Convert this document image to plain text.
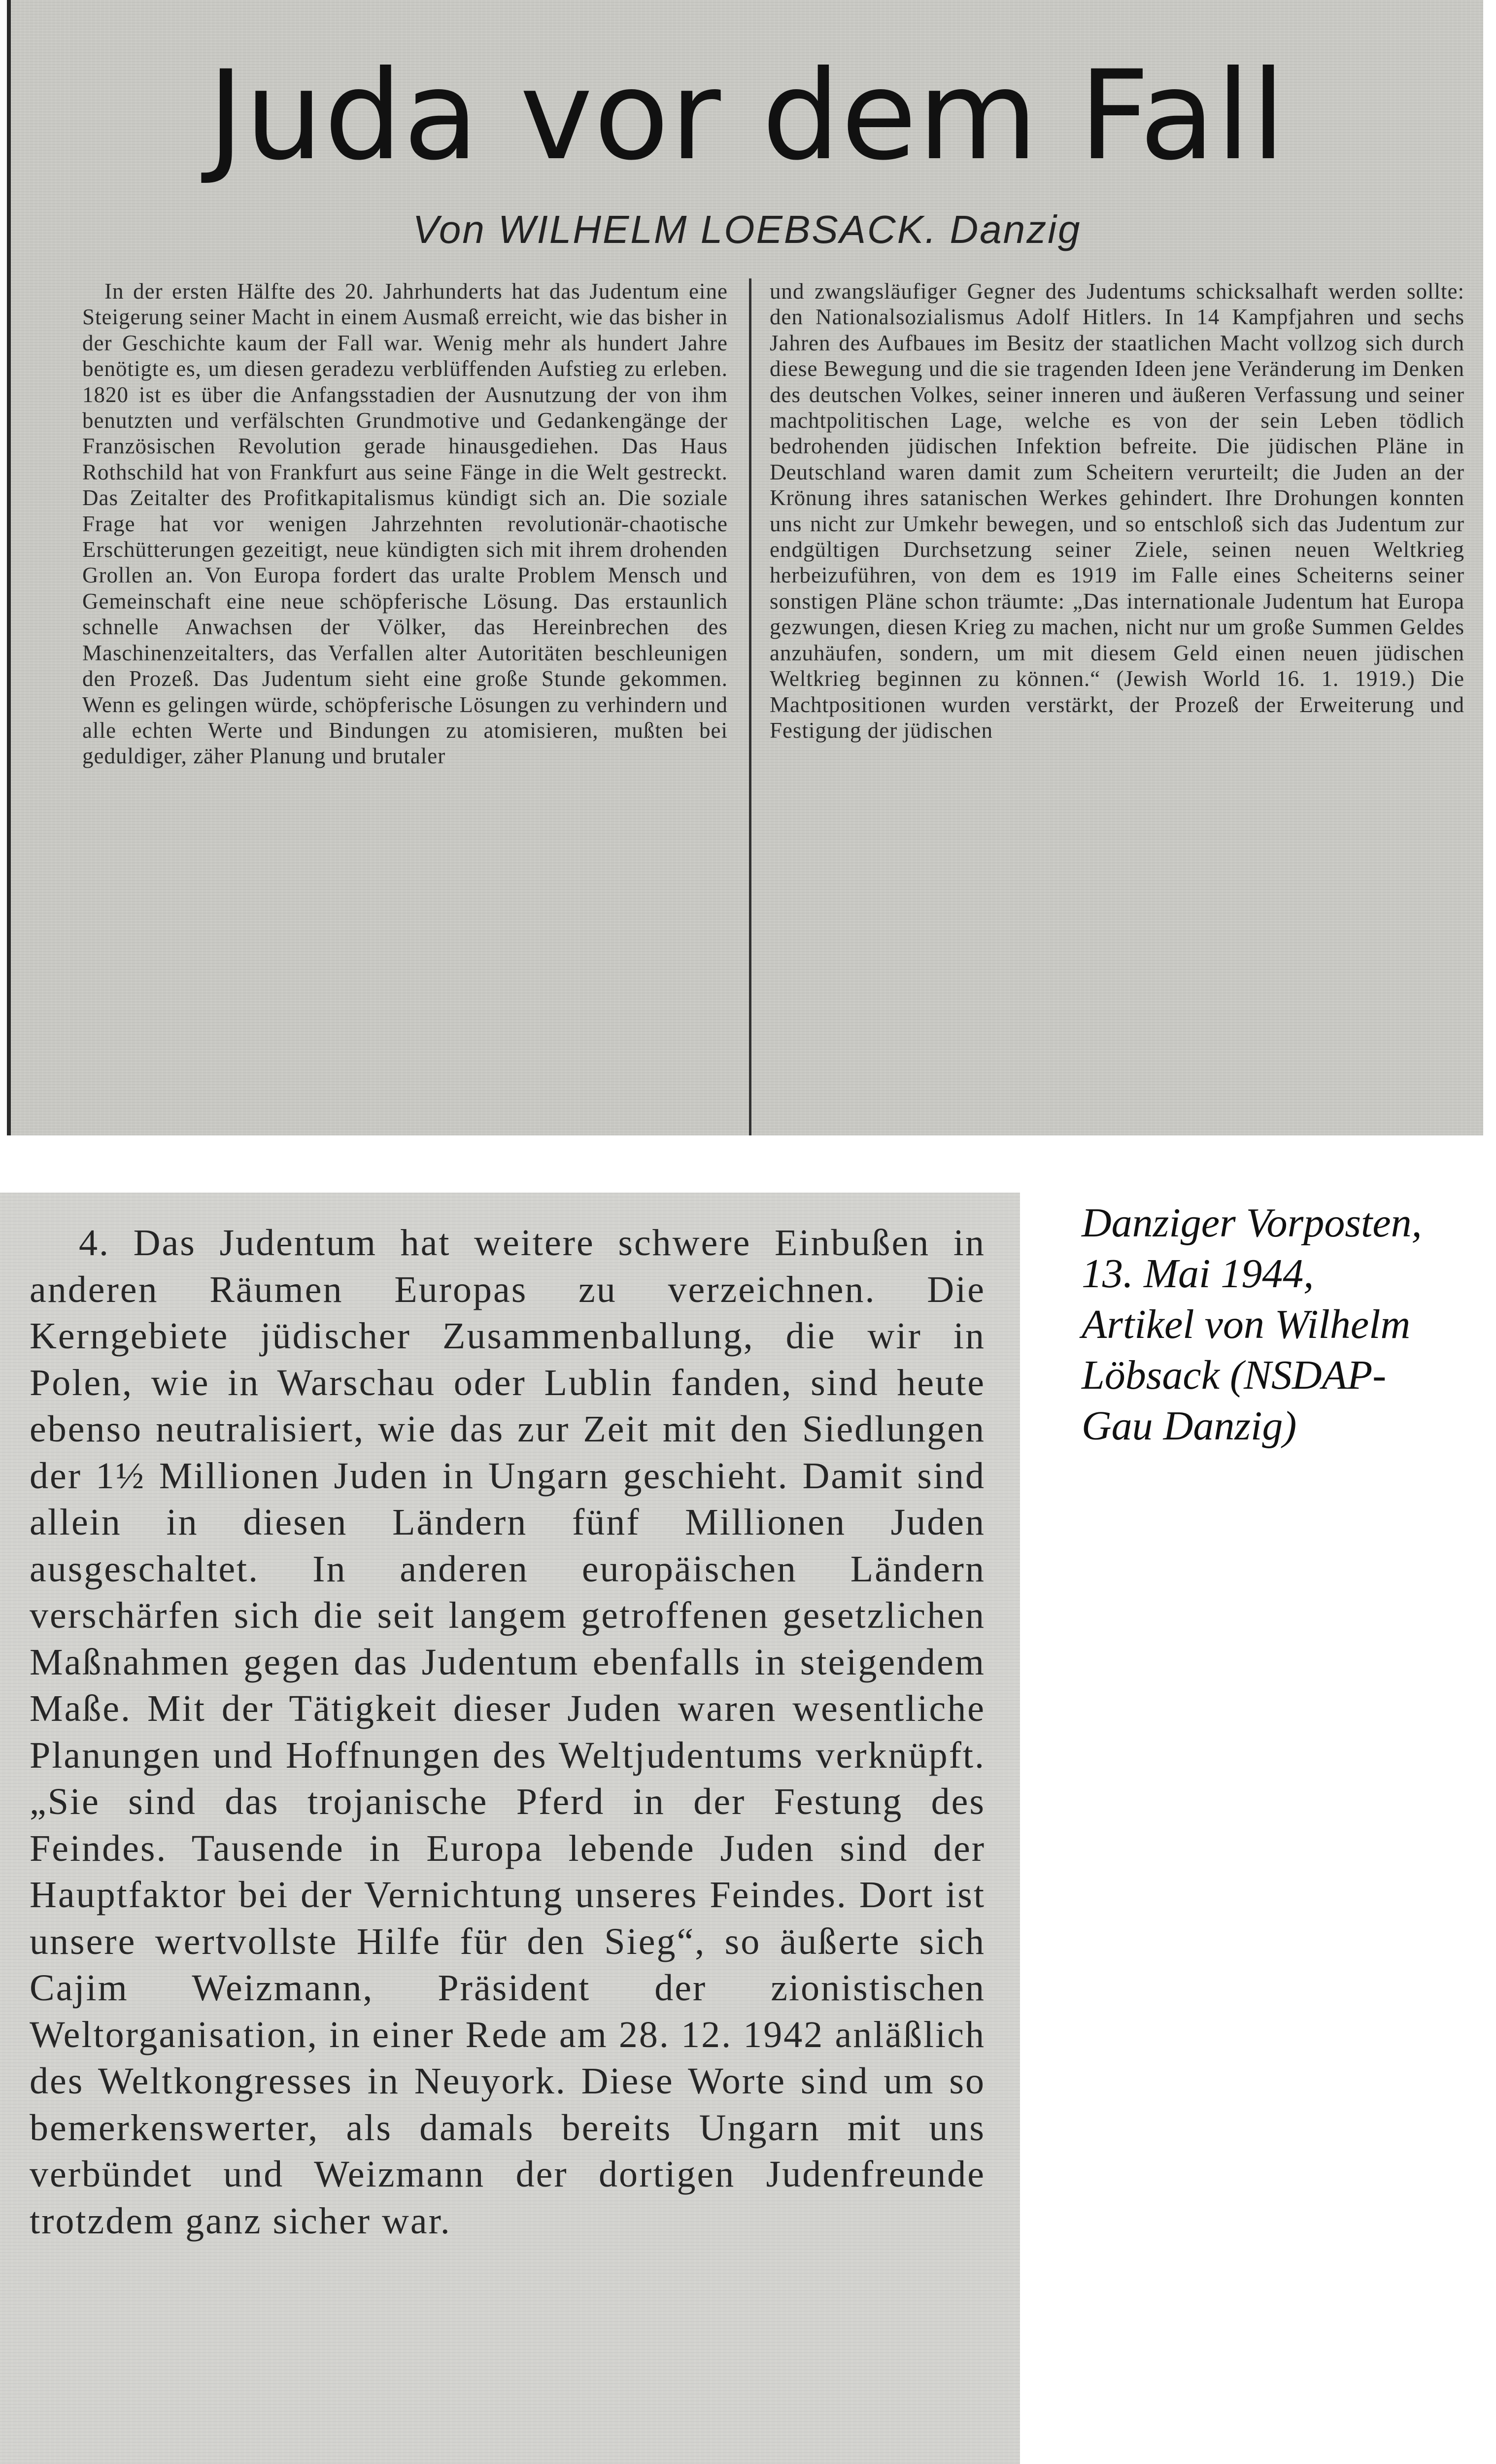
Juda vor dem Fall
Von WILHELM LOEBSACK. Danzig

In der ersten Hälfte des 20. Jahrhunderts hat das Judentum eine Steigerung seiner Macht in einem Ausmaß erreicht, wie das bisher in der Geschichte kaum der Fall war. Wenig mehr als hundert Jahre benötigte es, um diesen geradezu verblüffenden Aufstieg zu erleben. 1820 ist es über die Anfangsstadien der Ausnutzung der von ihm benutzten und verfälschten Grundmotive und Gedankengänge der Französischen Revolution gerade hinausgediehen. Das Haus Rothschild hat von Frankfurt aus seine Fänge in die Welt gestreckt. Das Zeitalter des Profitkapitalismus kündigt sich an. Die soziale Frage hat vor wenigen Jahrzehnten revolutionär-chaotische Erschütterungen gezeitigt, neue kündigten sich mit ihrem drohenden Grollen an. Von Europa fordert das uralte Problem Mensch und Gemeinschaft eine neue schöpferische Lösung. Das erstaunlich schnelle Anwachsen der Völker, das Hereinbrechen des Maschinenzeitalters, das Verfallen alter Autoritäten beschleunigen den Prozeß. Das Judentum sieht eine große Stunde gekommen. Wenn es gelingen würde, schöpferische Lösungen zu verhindern und alle echten Werte und Bindungen zu atomisieren, mußten bei geduldiger, zäher Planung und brutaler

und zwangsläufiger Gegner des Judentums schicksalhaft werden sollte: den Nationalsozialismus Adolf Hitlers. In 14 Kampfjahren und sechs Jahren des Aufbaues im Besitz der staatlichen Macht vollzog sich durch diese Bewegung und die sie tragenden Ideen jene Veränderung im Denken des deutschen Volkes, seiner inneren und äußeren Verfassung und seiner machtpolitischen Lage, welche es von der sein Leben tödlich bedrohenden jüdischen Infektion befreite. Die jüdischen Pläne in Deutschland waren damit zum Scheitern verurteilt; die Juden an der Krönung ihres satanischen Werkes gehindert. Ihre Drohungen konnten uns nicht zur Umkehr bewegen, und so entschloß sich das Judentum zur endgültigen Durchsetzung seiner Ziele, seinen neuen Weltkrieg herbeizuführen, von dem es 1919 im Falle eines Scheiterns seiner sonstigen Pläne schon träumte: „Das internationale Judentum hat Europa gezwungen, diesen Krieg zu machen, nicht nur um große Summen Geldes anzuhäufen, sondern, um mit diesem Geld einen neuen jüdischen Weltkrieg beginnen zu können.“ (Jewish World 16. 1. 1919.) Die Machtpositionen wurden verstärkt, der Prozeß der Erweiterung und Festigung der jüdischen

4. Das Judentum hat weitere schwere Einbußen in anderen Räumen Europas zu verzeichnen. Die Kerngebiete jüdischer Zusammenballung, die wir in Polen, wie in Warschau oder Lublin fanden, sind heute ebenso neutralisiert, wie das zur Zeit mit den Siedlungen der 1½ Millionen Juden in Ungarn geschieht. Damit sind allein in diesen Ländern fünf Millionen Juden ausgeschaltet. In anderen europäischen Ländern verschärfen sich die seit langem getroffenen gesetzlichen Maßnahmen gegen das Judentum ebenfalls in steigendem Maße. Mit der Tätigkeit dieser Juden waren wesentliche Planungen und Hoffnungen des Weltjudentums verknüpft. „Sie sind das trojanische Pferd in der Festung des Feindes. Tausende in Europa lebende Juden sind der Hauptfaktor bei der Vernichtung unseres Feindes. Dort ist unsere wertvollste Hilfe für den Sieg“, so äußerte sich Cajim Weizmann, Präsident der zionistischen Weltorganisation, in einer Rede am 28. 12. 1942 anläßlich des Weltkongresses in Neuyork. Diese Worte sind um so bemerkenswerter, als damals bereits Ungarn mit uns verbündet und Weizmann der dortigen Judenfreunde trotzdem ganz sicher war.

Danziger Vorposten,
13. Mai 1944,
Artikel von Wilhelm
Löbsack (NSDAP-
Gau Danzig)
